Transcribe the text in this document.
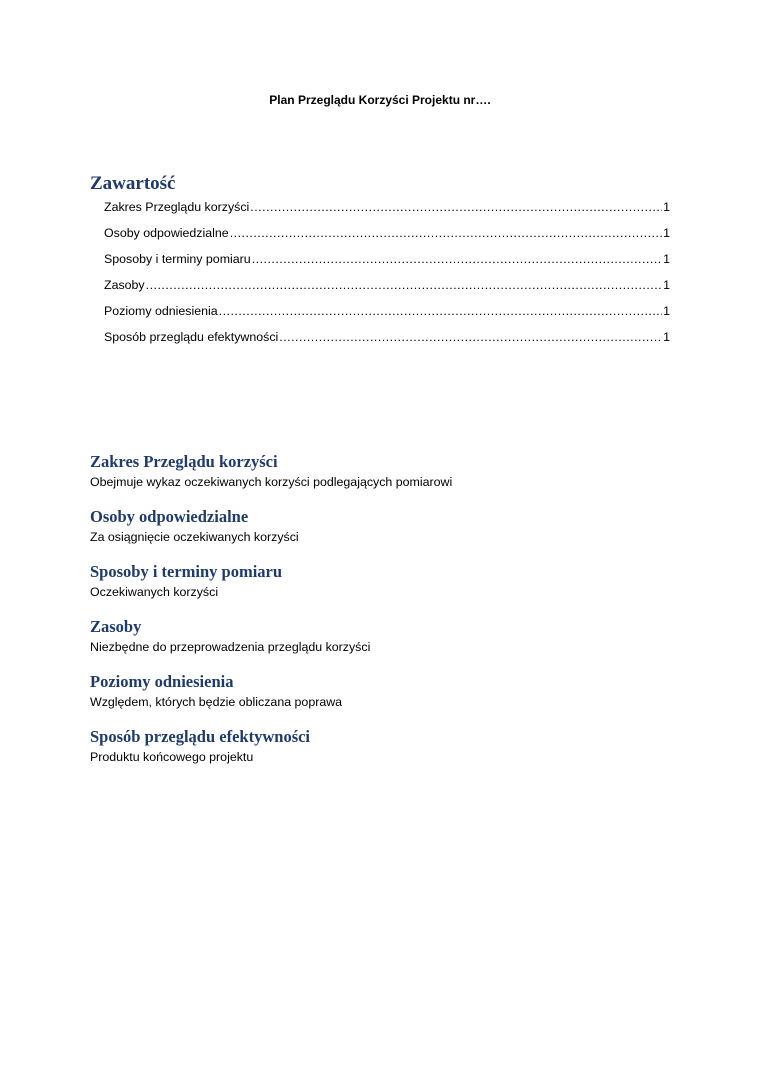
Plan Przeglądu Korzyści Projektu nr….
Zawartość
Zakres Przeglądu korzyści .....	1
Osoby odpowiedzialne .....	1
Sposoby i terminy pomiaru .....	1
Zasoby .....	1
Poziomy odniesienia .....	1
Sposób przeglądu efektywności .....	1
Zakres Przeglądu korzyści

Obejmuje wykaz oczekiwanych korzyści podlegających pomiarowi

Osoby odpowiedzialne

Za osiągnięcie oczekiwanych korzyści

Sposoby i terminy pomiaru

Oczekiwanych korzyści

Zasoby

Niezbędne do przeprowadzenia przeglądu korzyści

Poziomy odniesienia

Względem, których będzie obliczana poprawa

Sposób przeglądu efektywności

Produktu końcowego projektu
